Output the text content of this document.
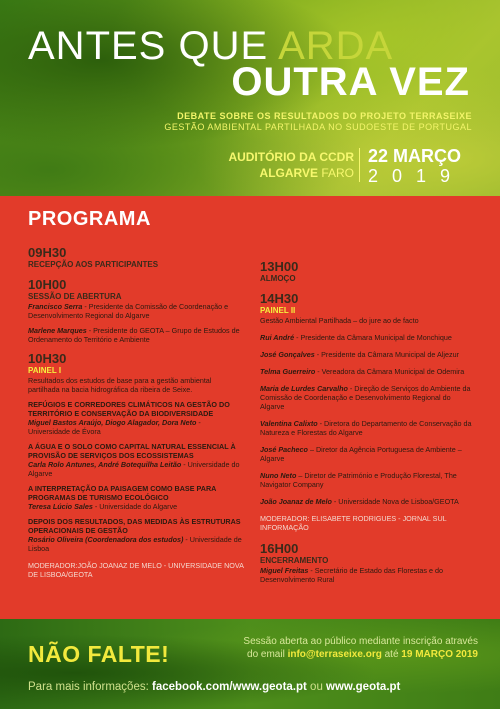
ANTES QUE ARDA
OUTRA VEZ
DEBATE SOBRE OS RESULTADOS DO PROJETO TERRASEIXE
GESTÃO AMBIENTAL PARTILHADA NO SUDOESTE DE PORTUGAL
AUDITÓRIO DA CCDR
ALGARVE FARO
22 MARÇO
2019
PROGRAMA
09H30
RECEPÇÃO AOS PARTICIPANTES
10H00
SESSÃO DE ABERTURA
Francisco Serra - Presidente da Comissão de Coordenação e Desenvolvimento Regional do Algarve
Marlene Marques - Presidente do GEOTA – Grupo de Estudos de Ordenamento do Território e Ambiente
10H30
PAINEL I
Resultados dos estudos de base para a gestão ambiental partilhada na bacia hidrográfica da ribeira de Seixe.
REFÚGIOS E CORREDORES CLIMÁTICOS NA GESTÃO DO TERRITÓRIO E CONSERVAÇÃO DA BIODIVERSIDADE
Miguel Bastos Araújo, Diogo Alagador, Dora Neto - Universidade de Évora
A ÁGUA E O SOLO COMO CAPITAL NATURAL ESSENCIAL À PROVISÃO DE SERVIÇOS DOS ECOSSISTEMAS
Carla Rolo Antunes, André Botequilha Leitão - Universidade do Algarve
A INTERPRETAÇÃO DA PAISAGEM COMO BASE PARA PROGRAMAS DE TURISMO ECOLÓGICO
Teresa Lúcio Sales - Universidade do Algarve
DEPOIS DOS RESULTADOS, DAS MEDIDAS ÀS ESTRUTURAS OPERACIONAIS DE GESTÃO
Rosário Oliveira (Coordenadora dos estudos) - Universidade de Lisboa
MODERADOR:JOÃO JOANAZ DE MELO - UNIVERSIDADE NOVA DE LISBOA/GEOTA
13H00
ALMOÇO
14H30
PAINEL II
Gestão Ambiental Partilhada – do jure ao de facto
Rui André - Presidente da Câmara Municipal de Monchique
José Gonçalves - Presidente da Câmara Municipal de Aljezur
Telma Guerreiro - Vereadora da Câmara Municipal de Odemira
Maria de Lurdes Carvalho - Direção de Serviços do Ambiente da Comissão de Coordenação e Desenvolvimento Regional do Algarve
Valentina Calixto - Diretora do Departamento de Conservação da Natureza e Florestas do Algarve
José Pacheco – Diretor da Agência Portuguesa de Ambiente – Algarve
Nuno Neto – Diretor de Património e Produção Florestal, The Navigator Company
João Joanaz de Melo - Universidade Nova de Lisboa/GEOTA
MODERADOR: ELISABETE RODRIGUES - JORNAL SUL INFORMAÇÃO
16H00
ENCERRAMENTO
Miguel Freitas - Secretário de Estado das Florestas e do Desenvolvimento Rural
NÃO FALTE!	Sessão aberta ao público mediante inscrição através
do email info@terraseixe.org até 19 MARÇO 2019
Para mais informações: facebook.com/www.geota.pt ou www.geota.pt
